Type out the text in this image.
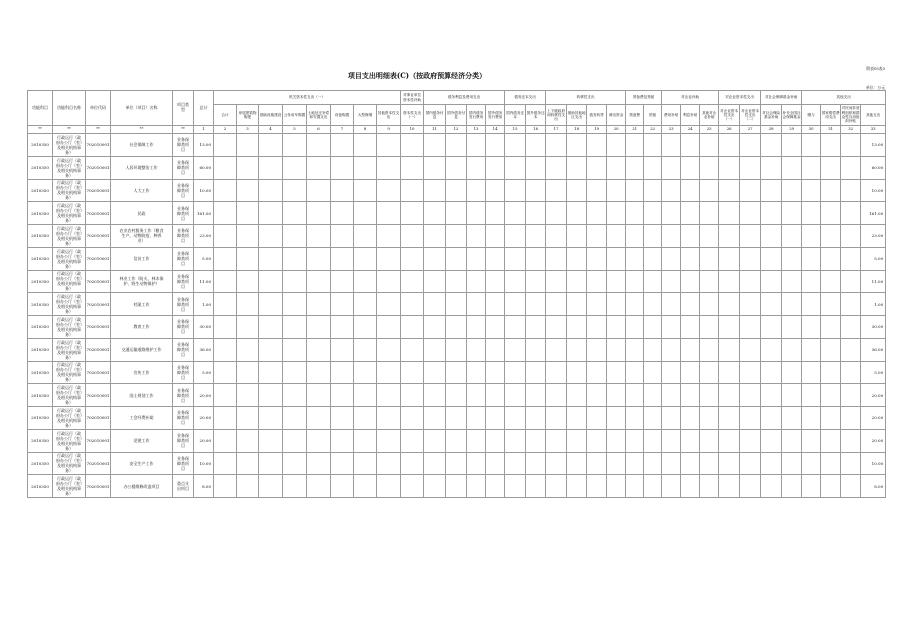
附表05表3
项目支出明细表(C)（按政府预算经济分类）
单位：万元
功能科目	功能科目名称	单位代码	单位（项目）名称	项目类型	总计	机关资本性支出（一）								对事业单位资本性补助	债务利息及费用支出				债务还本支出		转移性支出				预备费及预留		对企业补助			对企业资本性支出		对社会保障基金补助		其他支出			
						合计	房屋建筑物购建	基础设施建设	公务用车购置	土地征迁补偿和安置支出	设备购置	大型修缮	其他资本性支出	资本性支出（一）	国内债务付息	国外债务付息	国内债务发行费用	国外债务发行费用	国内债务还本	国外债务还本	上下级政府间转移性支出	援助其他地区支出	债务转贷	调出资金	预备费	预留	费用补贴	利息补贴	其他对企业补助	对企业资本性支出（一）	对企业资本性支出（二）	对社会保险基金补助	补充全国社会保障基金	赠与	国家赔偿费用支出	对民间非营利组织和群众性自治组织补贴	其他支出
**	**	**	**	**	1	2	3	4	5	6	7	8	9	10	11	12	13	14	15	16	17	18	19	20	21	22	23	24	25	26	27	28	29	30	31	32	33
2010350	行政运行（政府办公厅（室）及相关机构事务）	702010001	社会保障工作	业务保障类项目	13.00																																13.00
2010350	行政运行（政府办公厅（室）及相关机构事务）	702010001	人居环境整治工作	业务保障类项目	60.00																																60.00
2010350	行政运行（政府办公厅（室）及相关机构事务）	702010001	人大工作	业务保障类项目	10.00																																10.00
2010350	行政运行（政府办公厅（室）及相关机构事务）	702010001	民政	业务保障类项目	161.00																																161.00
2010350	行政运行（政府办公厅（室）及相关机构事务）	702010001	农业农村服务工作（粮食生产、动物防疫、种养业）	业务保障类项目	23.00																																23.00
2010350	行政运行（政府办公厅（室）及相关机构事务）	702010001	信访工作	业务保障类项目	5.00																																5.00
2010350	行政运行（政府办公厅（室）及相关机构事务）	702010001	林业工作（防火、林木保护、野生动物保护）	业务保障类项目	11.00																																11.00
2010350	行政运行（政府办公厅（室）及相关机构事务）	702010001	档案工作	业务保障类项目	1.00																																1.00
2010350	行政运行（政府办公厅（室）及相关机构事务）	702010001	教育工作	业务保障类项目	30.00																																30.00
2010350	行政运行（政府办公厅（室）及相关机构事务）	702010001	交通运输道路维护工作	业务保障类项目	36.00																																36.00
2010350	行政运行（政府办公厅（室）及相关机构事务）	702010001	宣传工作	业务保障类项目	5.00																																5.00
2010350	行政运行（政府办公厅（室）及相关机构事务）	702010001	国土规划工作	业务保障类项目	20.00																																20.00
2010350	行政运行（政府办公厅（室）及相关机构事务）	702010001	工会经费补助	业务保障类项目	20.00																																20.00
2010350	行政运行（政府办公厅（室）及相关机构事务）	702010001	党建工作	业务保障类项目	20.00																																20.00
2010350	行政运行（政府办公厅（室）及相关机构事务）	702010001	安全生产工作	业务保障类项目	10.00																																10.00
2010350	行政运行（政府办公厅（室）及相关机构事务）	702010001	办公楼维修改造项目	重点支出项目	8.00																																8.00
